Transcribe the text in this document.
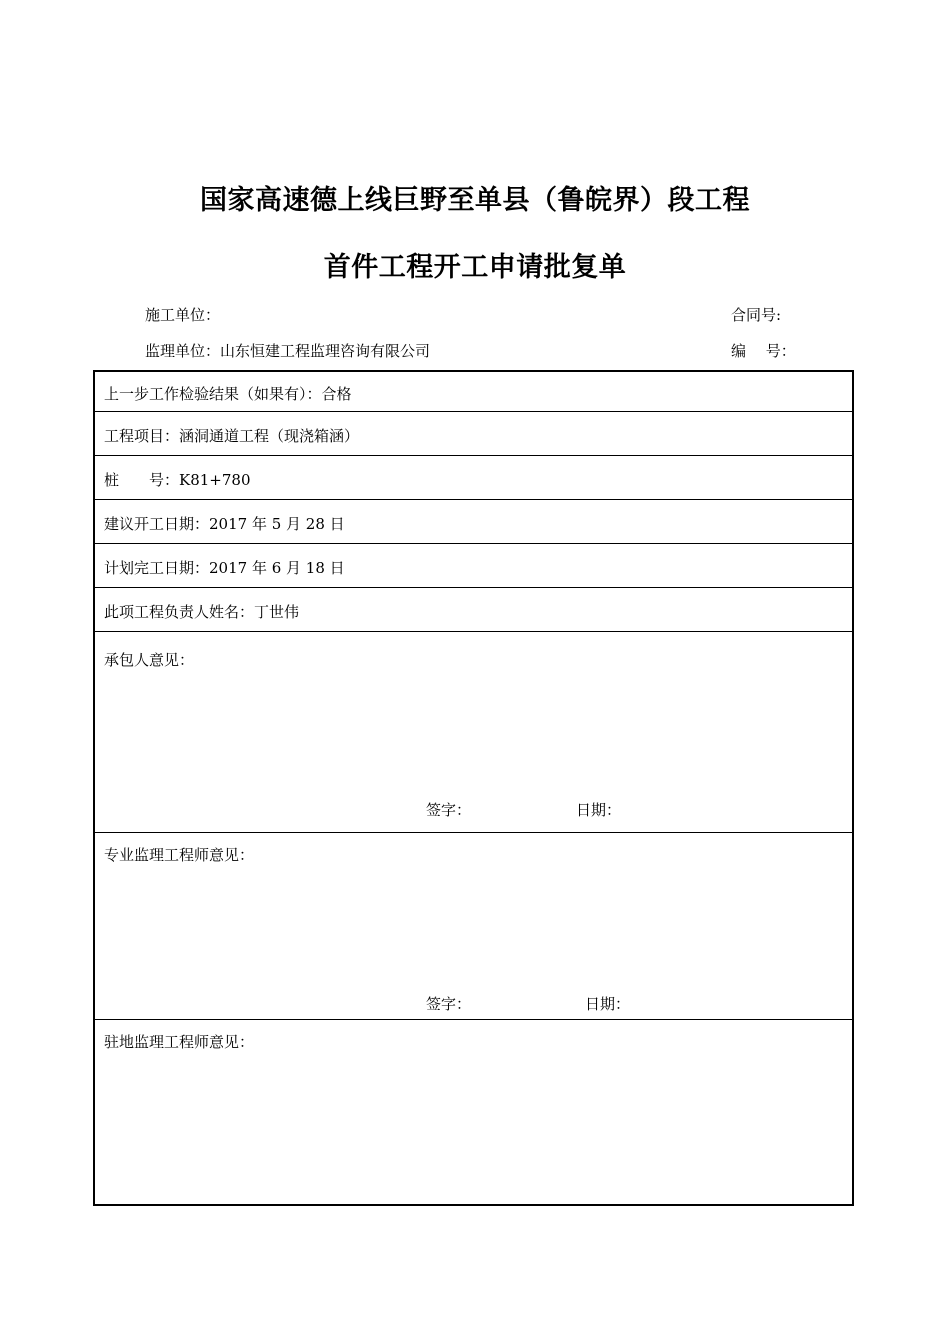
国家高速德上线巨野至单县（鲁皖界）段工程
首件工程开工申请批复单
施工单位：	合同号:
监理单位：山东恒建工程监理咨询有限公司	编　 号：
上一步工作检验结果（如果有）：合格
工程项目：涵洞通道工程（现浇箱涵）
桩　　号：K81+780
建议开工日期：2017 年 5 月 28 日
计划完工日期：2017 年 6 月 18 日
此项工程负责人姓名：丁世伟
承包人意见：
签字：	日期：
专业监理工程师意见：
签字：	日期：
驻地监理工程师意见：
